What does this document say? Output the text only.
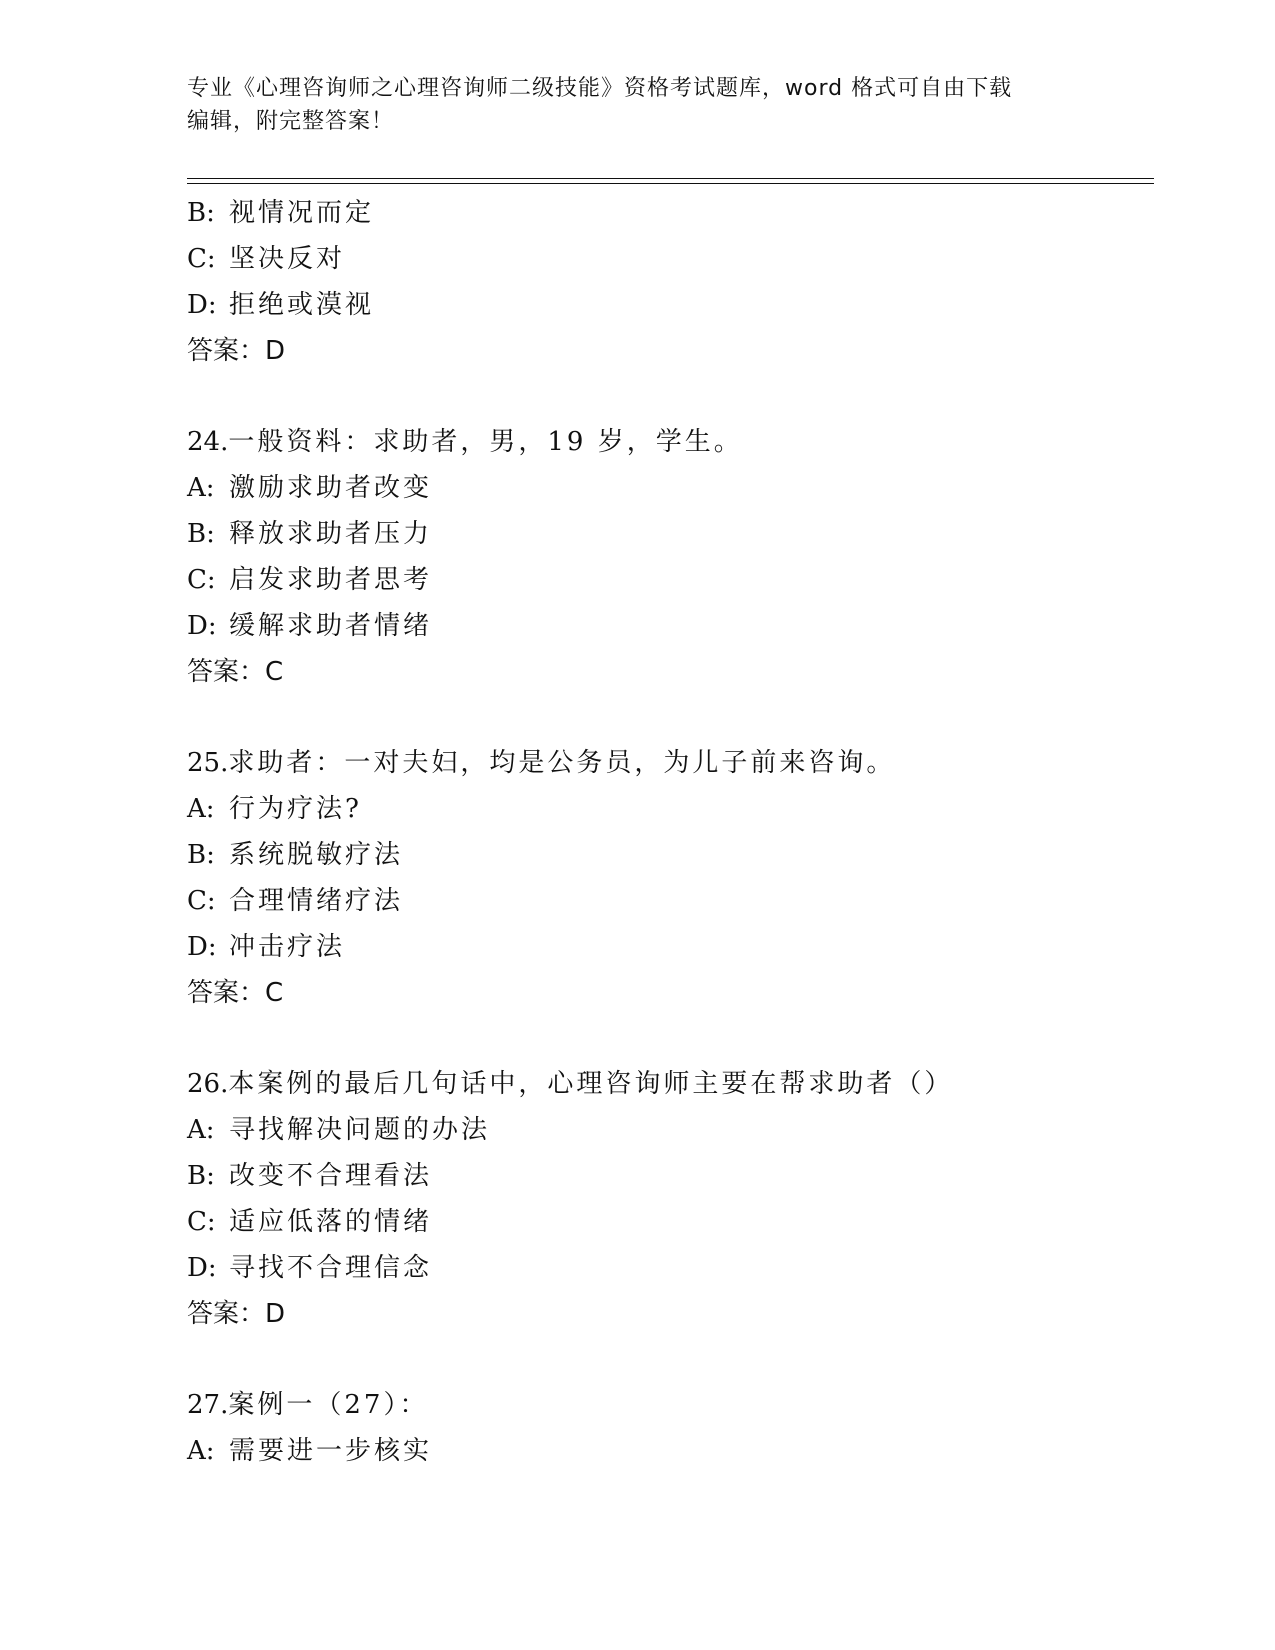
专业《心理咨询师之心理咨询师二级技能》资格考试题库，word 格式可自由下载
编辑，附完整答案！
B: 视情况而定
C: 坚决反对
D: 拒绝或漠视
答案：D
24.一般资料：求助者，男，19 岁，学生。
A: 激励求助者改变
B: 释放求助者压力
C: 启发求助者思考
D: 缓解求助者情绪
答案：C
25.求助者：一对夫妇，均是公务员，为儿子前来咨询。
A: 行为疗法?
B: 系统脱敏疗法
C: 合理情绪疗法
D: 冲击疗法
答案：C
26.本案例的最后几句话中，心理咨询师主要在帮求助者（）
A: 寻找解决问题的办法
B: 改变不合理看法
C: 适应低落的情绪
D: 寻找不合理信念
答案：D
27.案例一（27）：
A: 需要进一步核实
